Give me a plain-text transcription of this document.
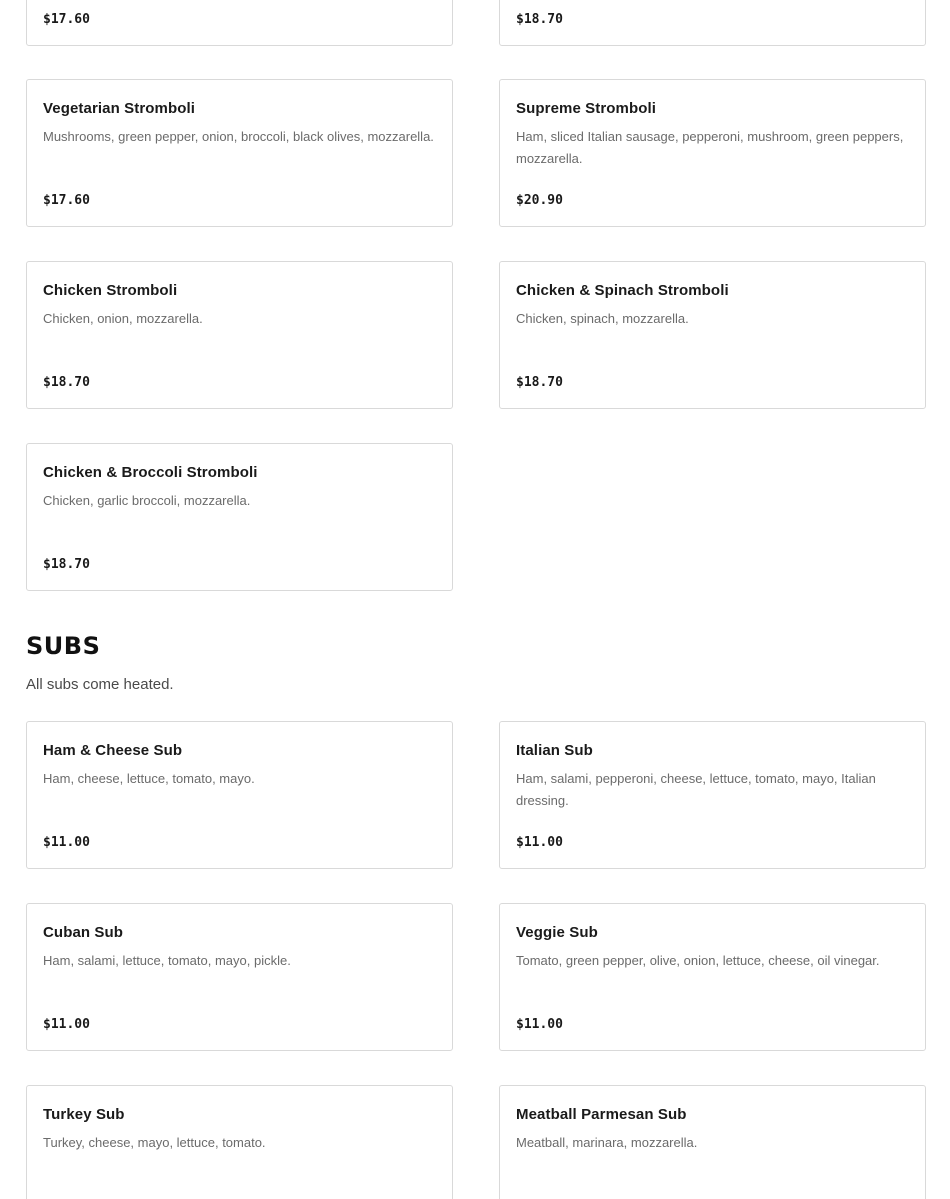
$17.60	$18.70
Vegetarian Stromboli
Mushrooms, green pepper, onion, broccoli, black olives, mozzarella.
$17.60
Supreme Stromboli
Ham, sliced Italian sausage, pepperoni, mushroom, green peppers, mozzarella.
$20.90
Chicken Stromboli
Chicken, onion, mozzarella.
$18.70
Chicken & Spinach Stromboli
Chicken, spinach, mozzarella.
$18.70
Chicken & Broccoli Stromboli
Chicken, garlic broccoli, mozzarella.
$18.70
SUBS

All subs come heated.

Ham & Cheese Sub
Ham, cheese, lettuce, tomato, mayo.
$11.00
Italian Sub
Ham, salami, pepperoni, cheese, lettuce, tomato, mayo, Italian dressing.
$11.00
Cuban Sub
Ham, salami, lettuce, tomato, mayo, pickle.
$11.00
Veggie Sub
Tomato, green pepper, olive, onion, lettuce, cheese, oil vinegar.
$11.00
Turkey Sub
Turkey, cheese, mayo, lettuce, tomato.
Meatball Parmesan Sub
Meatball, marinara, mozzarella.
